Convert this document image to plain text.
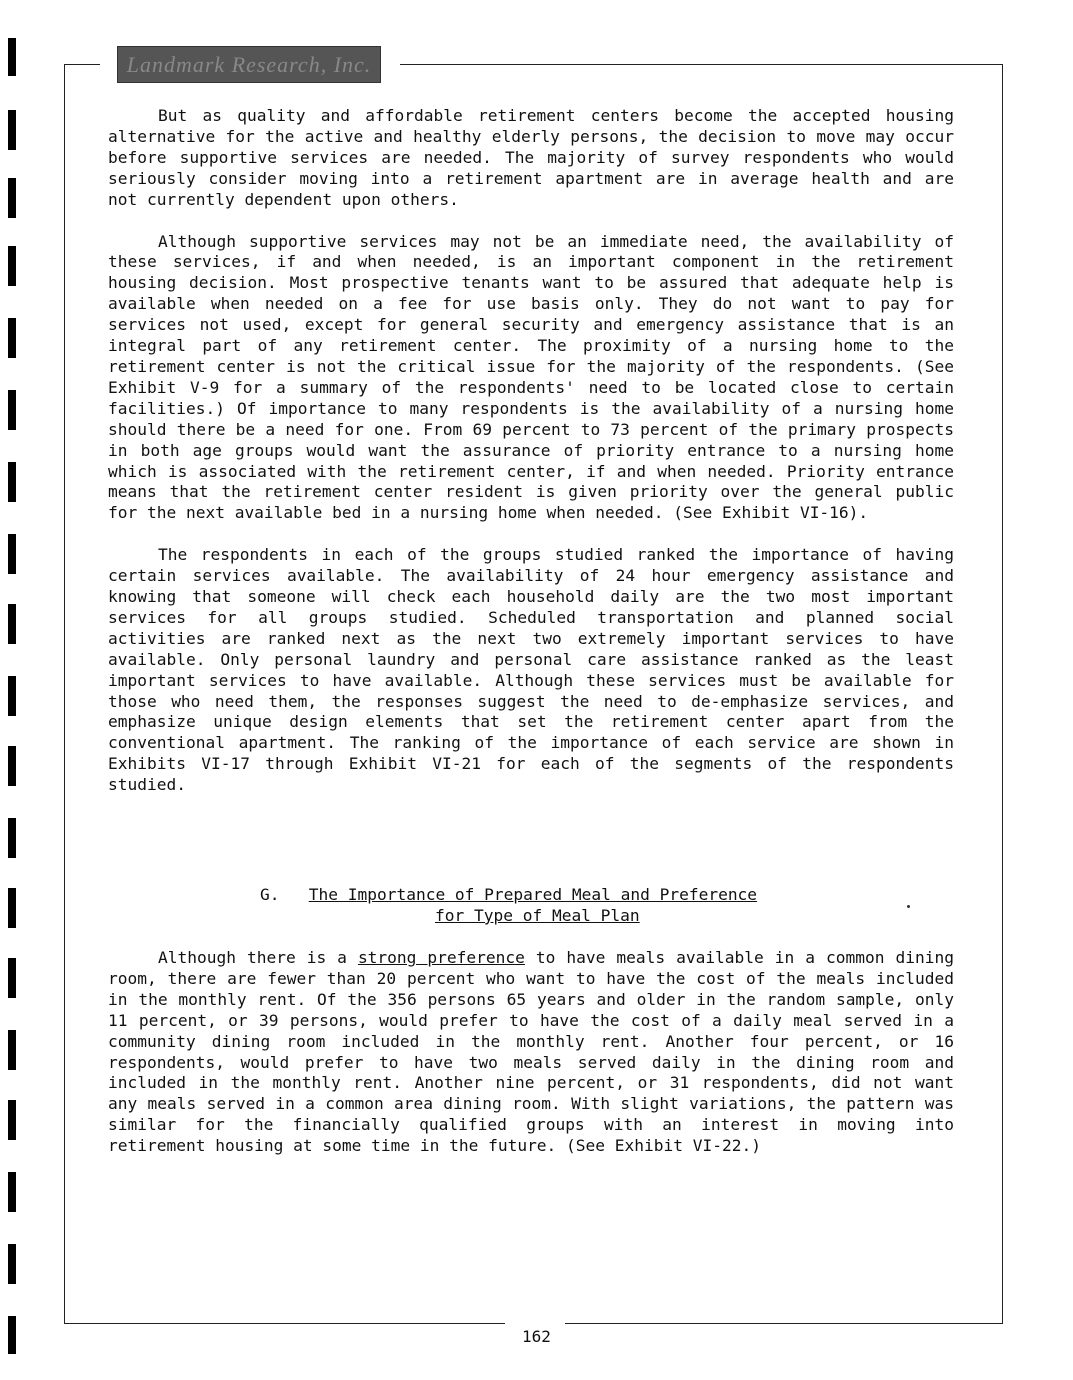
Landmark Research, Inc.

But as quality and affordable retirement centers become the accepted housing alternative for the active and healthy elderly persons, the decision to move may occur before supportive services are needed. The majority of survey respondents who would seriously consider moving into a retirement apartment are in average health and are not currently dependent upon others.

Although supportive services may not be an immediate need, the availability of these services, if and when needed, is an important component in the retirement housing decision. Most prospective tenants want to be assured that adequate help is available when needed on a fee for use basis only. They do not want to pay for services not used, except for general security and emergency assistance that is an integral part of any retirement center. The proximity of a nursing home to the retirement center is not the critical issue for the majority of the respondents. (See Exhibit V-9 for a summary of the respondents' need to be located close to certain facilities.) Of importance to many respondents is the availability of a nursing home should there be a need for one. From 69 percent to 73 percent of the primary prospects in both age groups would want the assurance of priority entrance to a nursing home which is associated with the retirement center, if and when needed. Priority entrance means that the retirement center resident is given priority over the general public for the next available bed in a nursing home when needed. (See Exhibit VI-16).

The respondents in each of the groups studied ranked the importance of having certain services available. The availability of 24 hour emergency assistance and knowing that someone will check each household daily are the two most important services for all groups studied. Scheduled transportation and planned social activities are ranked next as the next two extremely important services to have available. Only personal laundry and personal care assistance ranked as the least important services to have available. Although these services must be available for those who need them, the responses suggest the need to de-emphasize services, and emphasize unique design elements that set the retirement center apart from the conventional apartment. The ranking of the importance of each service are shown in Exhibits VI-17 through Exhibit VI-21 for each of the segments of the respondents studied.

G. The Importance of Prepared Meal and Preference
for Type of Meal Plan

Although there is a strong preference to have meals available in a common dining room, there are fewer than 20 percent who want to have the cost of the meals included in the monthly rent. Of the 356 persons 65 years and older in the random sample, only 11 percent, or 39 persons, would prefer to have the cost of a daily meal served in a community dining room included in the monthly rent. Another four percent, or 16 respondents, would prefer to have two meals served daily in the dining room and included in the monthly rent. Another nine percent, or 31 respondents, did not want any meals served in a common area dining room. With slight variations, the pattern was similar for the financially qualified groups with an interest in moving into retirement housing at some time in the future. (See Exhibit VI-22.)

162
